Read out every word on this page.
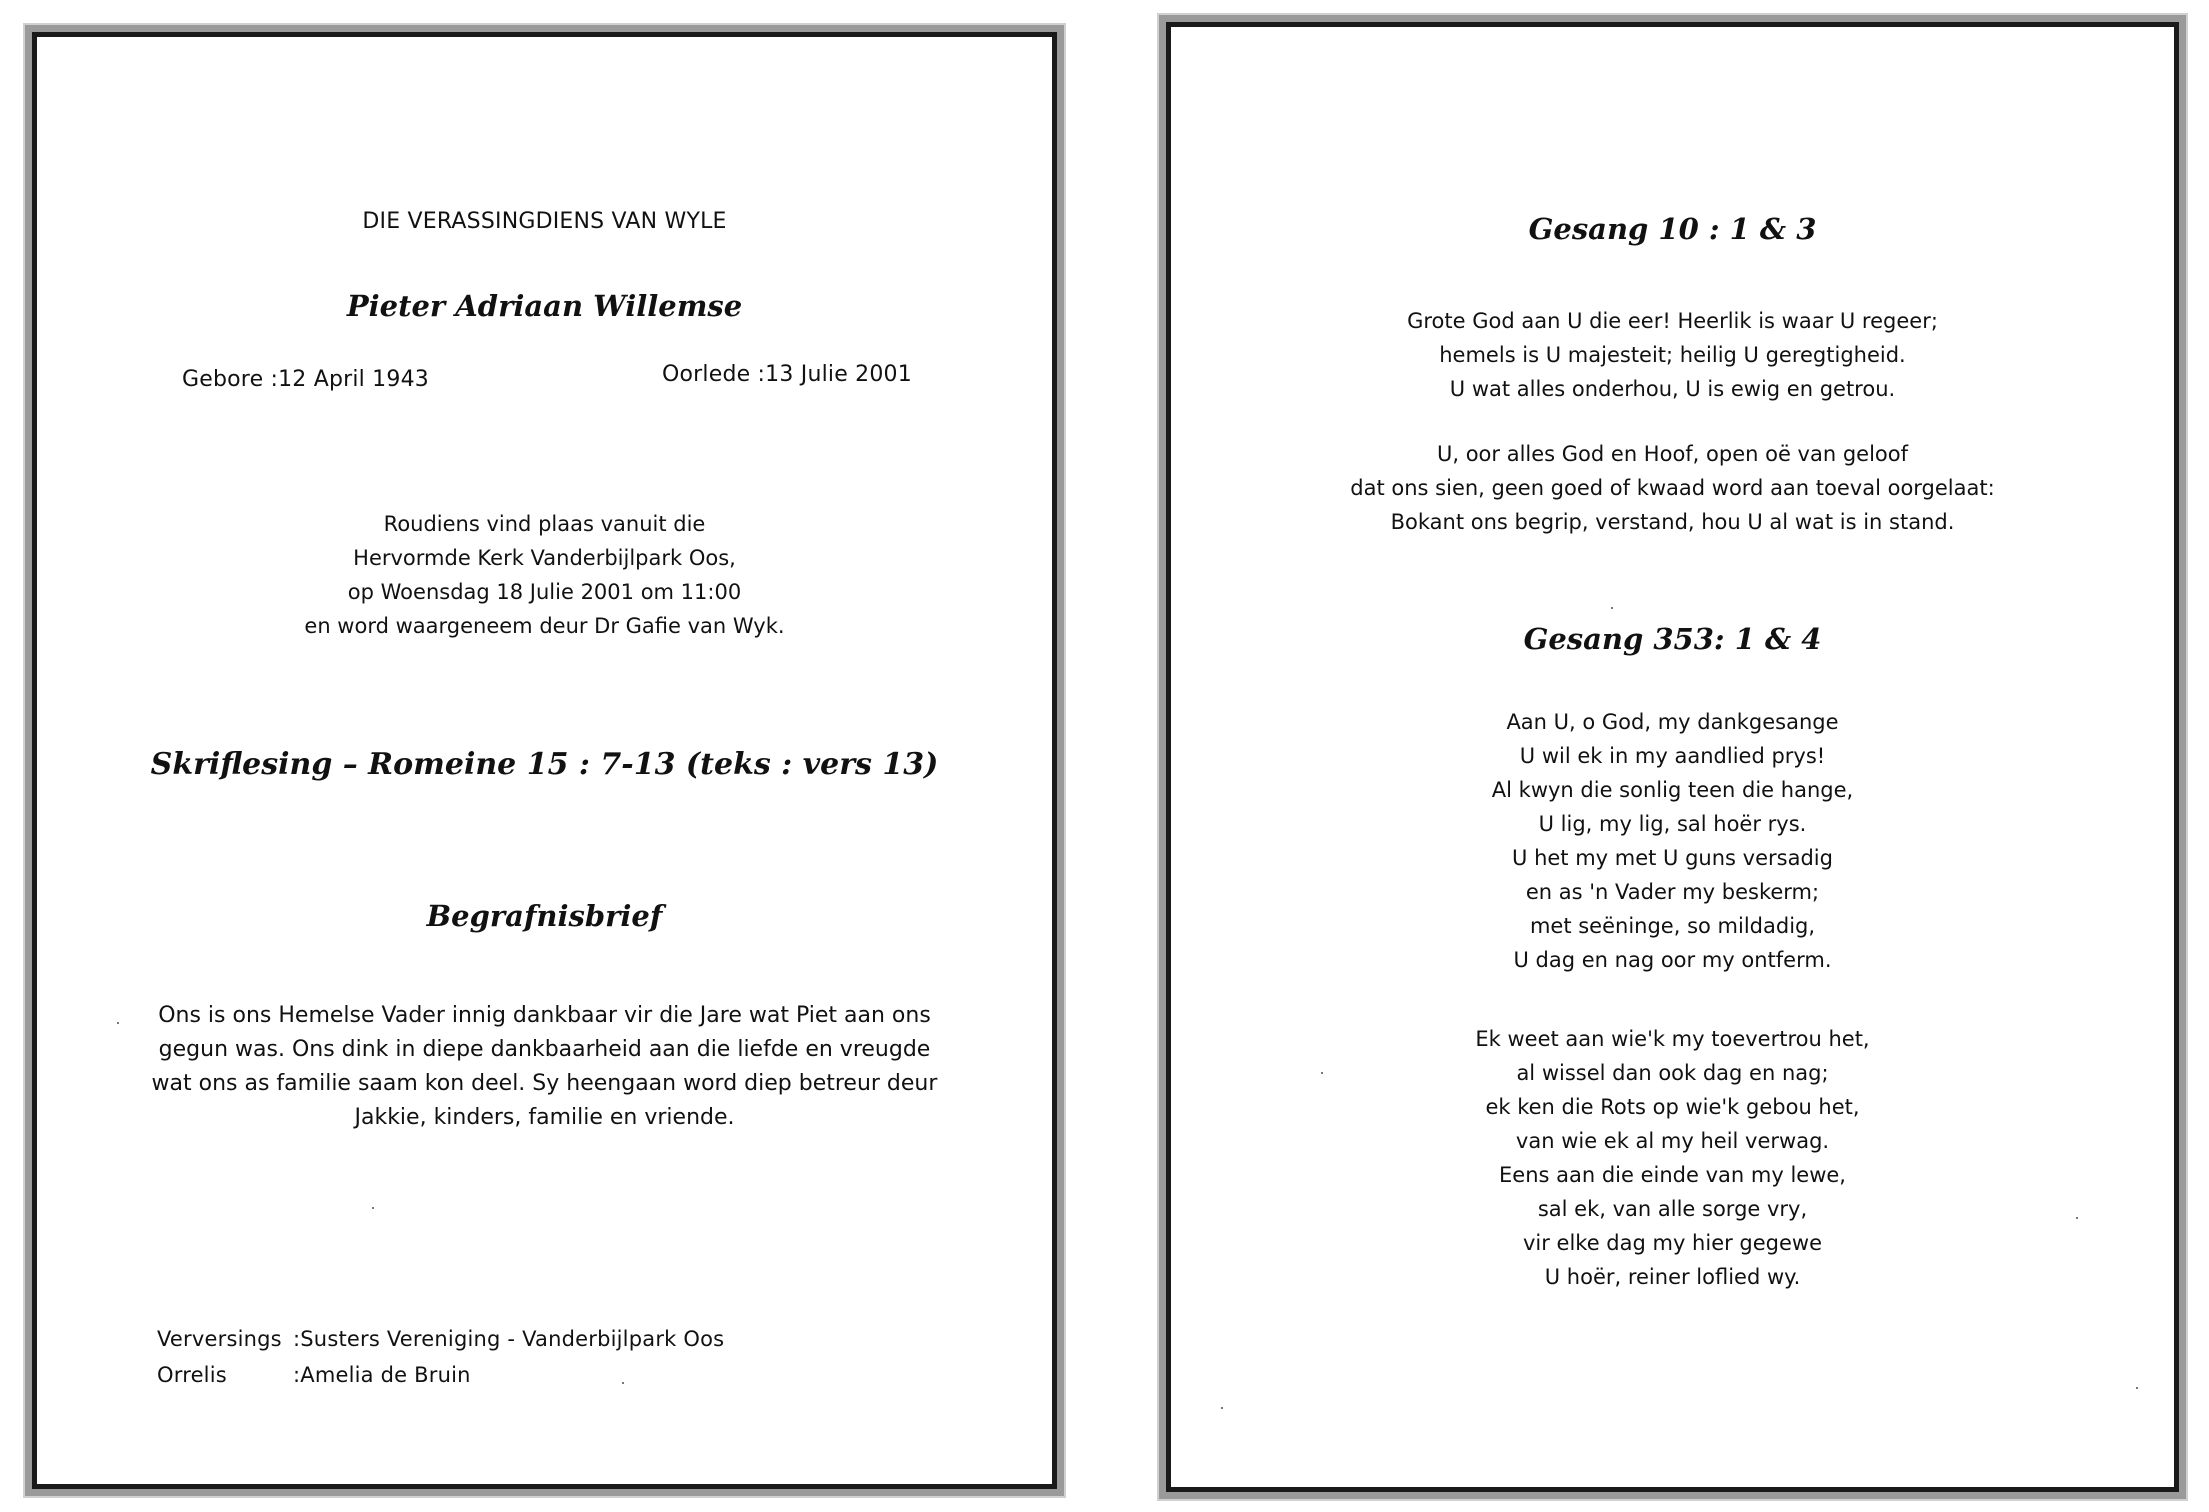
DIE VERASSINGDIENS VAN WYLE
Pieter Adriaan Willemse
Gebore :12 April 1943	Oorlede :13 Julie 2001
Roudiens vind plaas vanuit die
Hervormde Kerk Vanderbijlpark Oos,
op Woensdag 18 Julie 2001 om 11:00
en word waargeneem deur Dr Gafie van Wyk.
Skriflesing – Romeine 15 : 7-13 (teks : vers 13)
Begrafnisbrief
Ons is ons Hemelse Vader innig dankbaar vir die Jare wat Piet aan ons
gegun was. Ons dink in diepe dankbaarheid aan die liefde en vreugde
wat ons as familie saam kon deel. Sy heengaan word diep betreur deur
Jakkie, kinders, familie en vriende.
Verversings :Susters Vereniging - Vanderbijlpark Oos
Orrelis	:Amelia de Bruin
Gesang 10 : 1 & 3
Grote God aan U die eer! Heerlik is waar U regeer;
hemels is U majesteit; heilig U geregtigheid.
U wat alles onderhou, U is ewig en getrou.
U, oor alles God en Hoof, open oë van geloof
dat ons sien, geen goed of kwaad word aan toeval oorgelaat:
Bokant ons begrip, verstand, hou U al wat is in stand.
Gesang 353: 1 & 4
Aan U, o God, my dankgesange
U wil ek in my aandlied prys!
Al kwyn die sonlig teen die hange,
U lig, my lig, sal hoër rys.
U het my met U guns versadig
en as 'n Vader my beskerm;
met seëninge, so mildadig,
U dag en nag oor my ontferm.
Ek weet aan wie'k my toevertrou het,
al wissel dan ook dag en nag;
ek ken die Rots op wie'k gebou het,
van wie ek al my heil verwag.
Eens aan die einde van my lewe,
sal ek, van alle sorge vry,
vir elke dag my hier gegewe
U hoër, reiner loflied wy.
